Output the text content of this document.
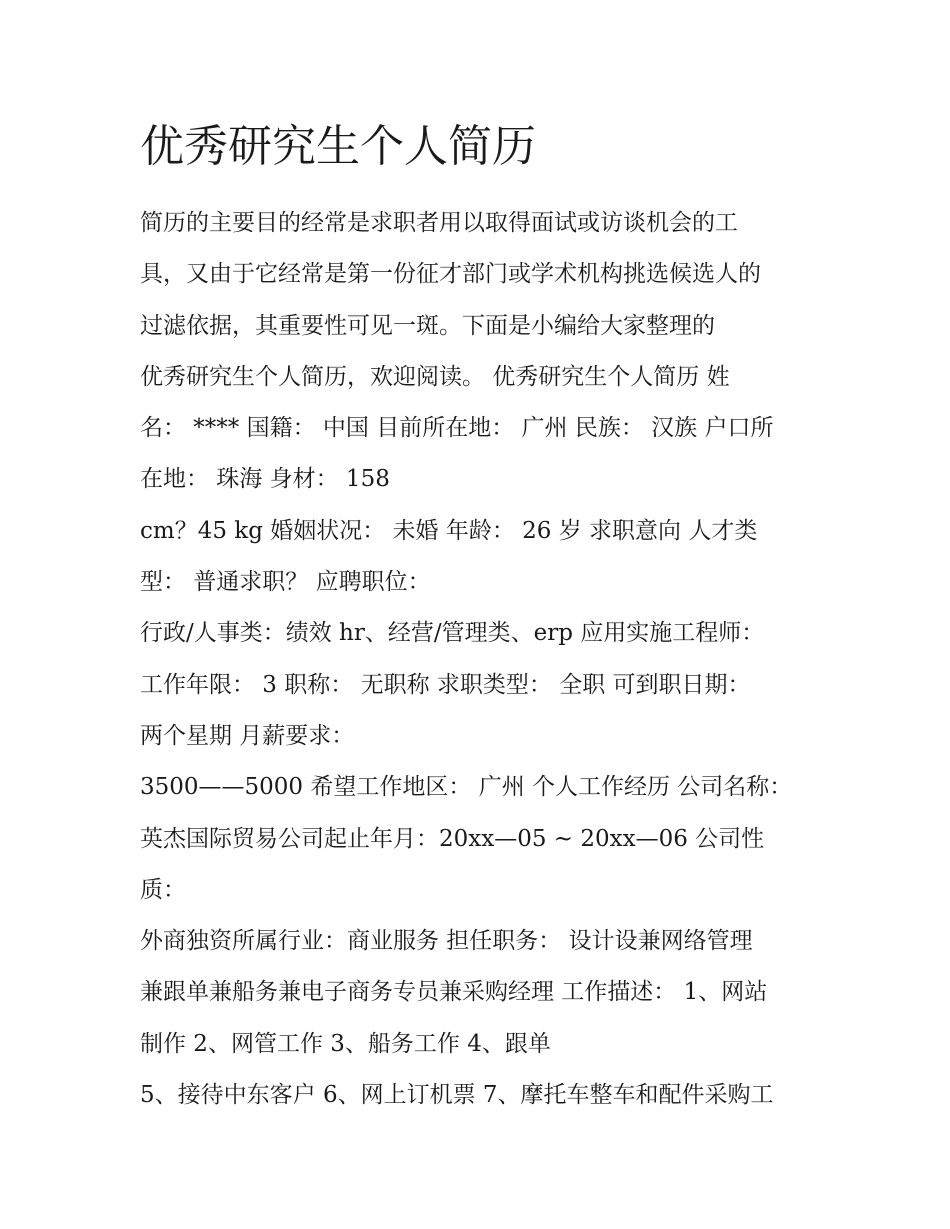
优秀研究生个人简历
简历的主要目的经常是求职者用以取得面试或访谈机会的工
具，又由于它经常是第一份征才部门或学术机构挑选候选人的
过滤依据，其重要性可见一斑。下面是小编给大家整理的
优秀研究生个人简历，欢迎阅读。 优秀研究生个人简历 姓
名： **** 国籍： 中国 目前所在地： 广州 民族： 汉族 户口所
在地： 珠海 身材： 158
cm？45 kg 婚姻状况： 未婚 年龄： 26 岁 求职意向 人才类
型： 普通求职？ 应聘职位：
行政/人事类：绩效 hr、经营/管理类、erp 应用实施工程师：
工作年限： 3 职称： 无职称 求职类型： 全职 可到职日期：
两个星期 月薪要求：
3500——5000 希望工作地区： 广州 个人工作经历 公司名称：
英杰国际贸易公司起止年月：20xx—05 ~ 20xx—06 公司性
质：
外商独资所属行业：商业服务 担任职务： 设计设兼网络管理
兼跟单兼船务兼电子商务专员兼采购经理 工作描述： 1、网站
制作 2、网管工作 3、船务工作 4、跟单
5、接待中东客户 6、网上订机票 7、摩托车整车和配件采购工
